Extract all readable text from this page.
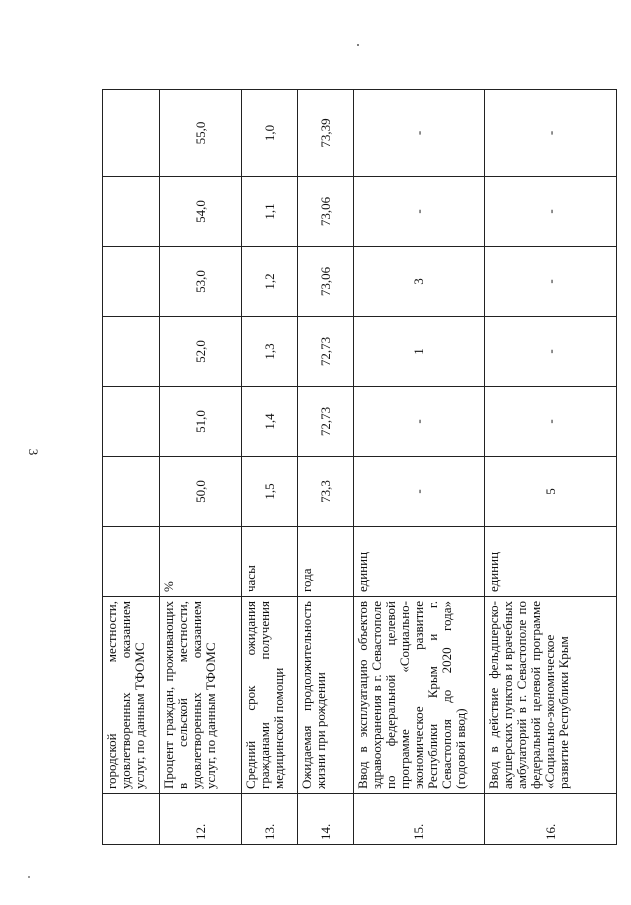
3
	городской местности, удовлетворенных оказанием услуг, по данным ТФОМС							
12.	Процент граждан, проживающих в сельской местности, удовлетворенных оказанием услуг, по данным ТФОМС	%	50,0	51,0	52,0	53,0	54,0	55,0
13.	Средний срок ожидания гражданами получения медицинской помощи	часы	1,5	1,4	1,3	1,2	1,1	1,0
14.	Ожидаемая продолжительность жизни при рождении	года	73,3	72,73	72,73	73,06	73,06	73,39
15.	Ввод в эксплуатацию объектов здравоохранения в г. Севастополе по федеральной целевой программе «Социально-экономическое развитие Республики Крым и г. Севастополя до 2020 года» (годовой ввод)	единиц	-	-	1	3	-	-
16.	Ввод в действие фельдшерско-акушерских пунктов и врачебных амбулаторий в г. Севастополе по федеральной целевой программе «Социально-экономическое развитие Республики Крым	единиц	5	-	-	-	-	-
